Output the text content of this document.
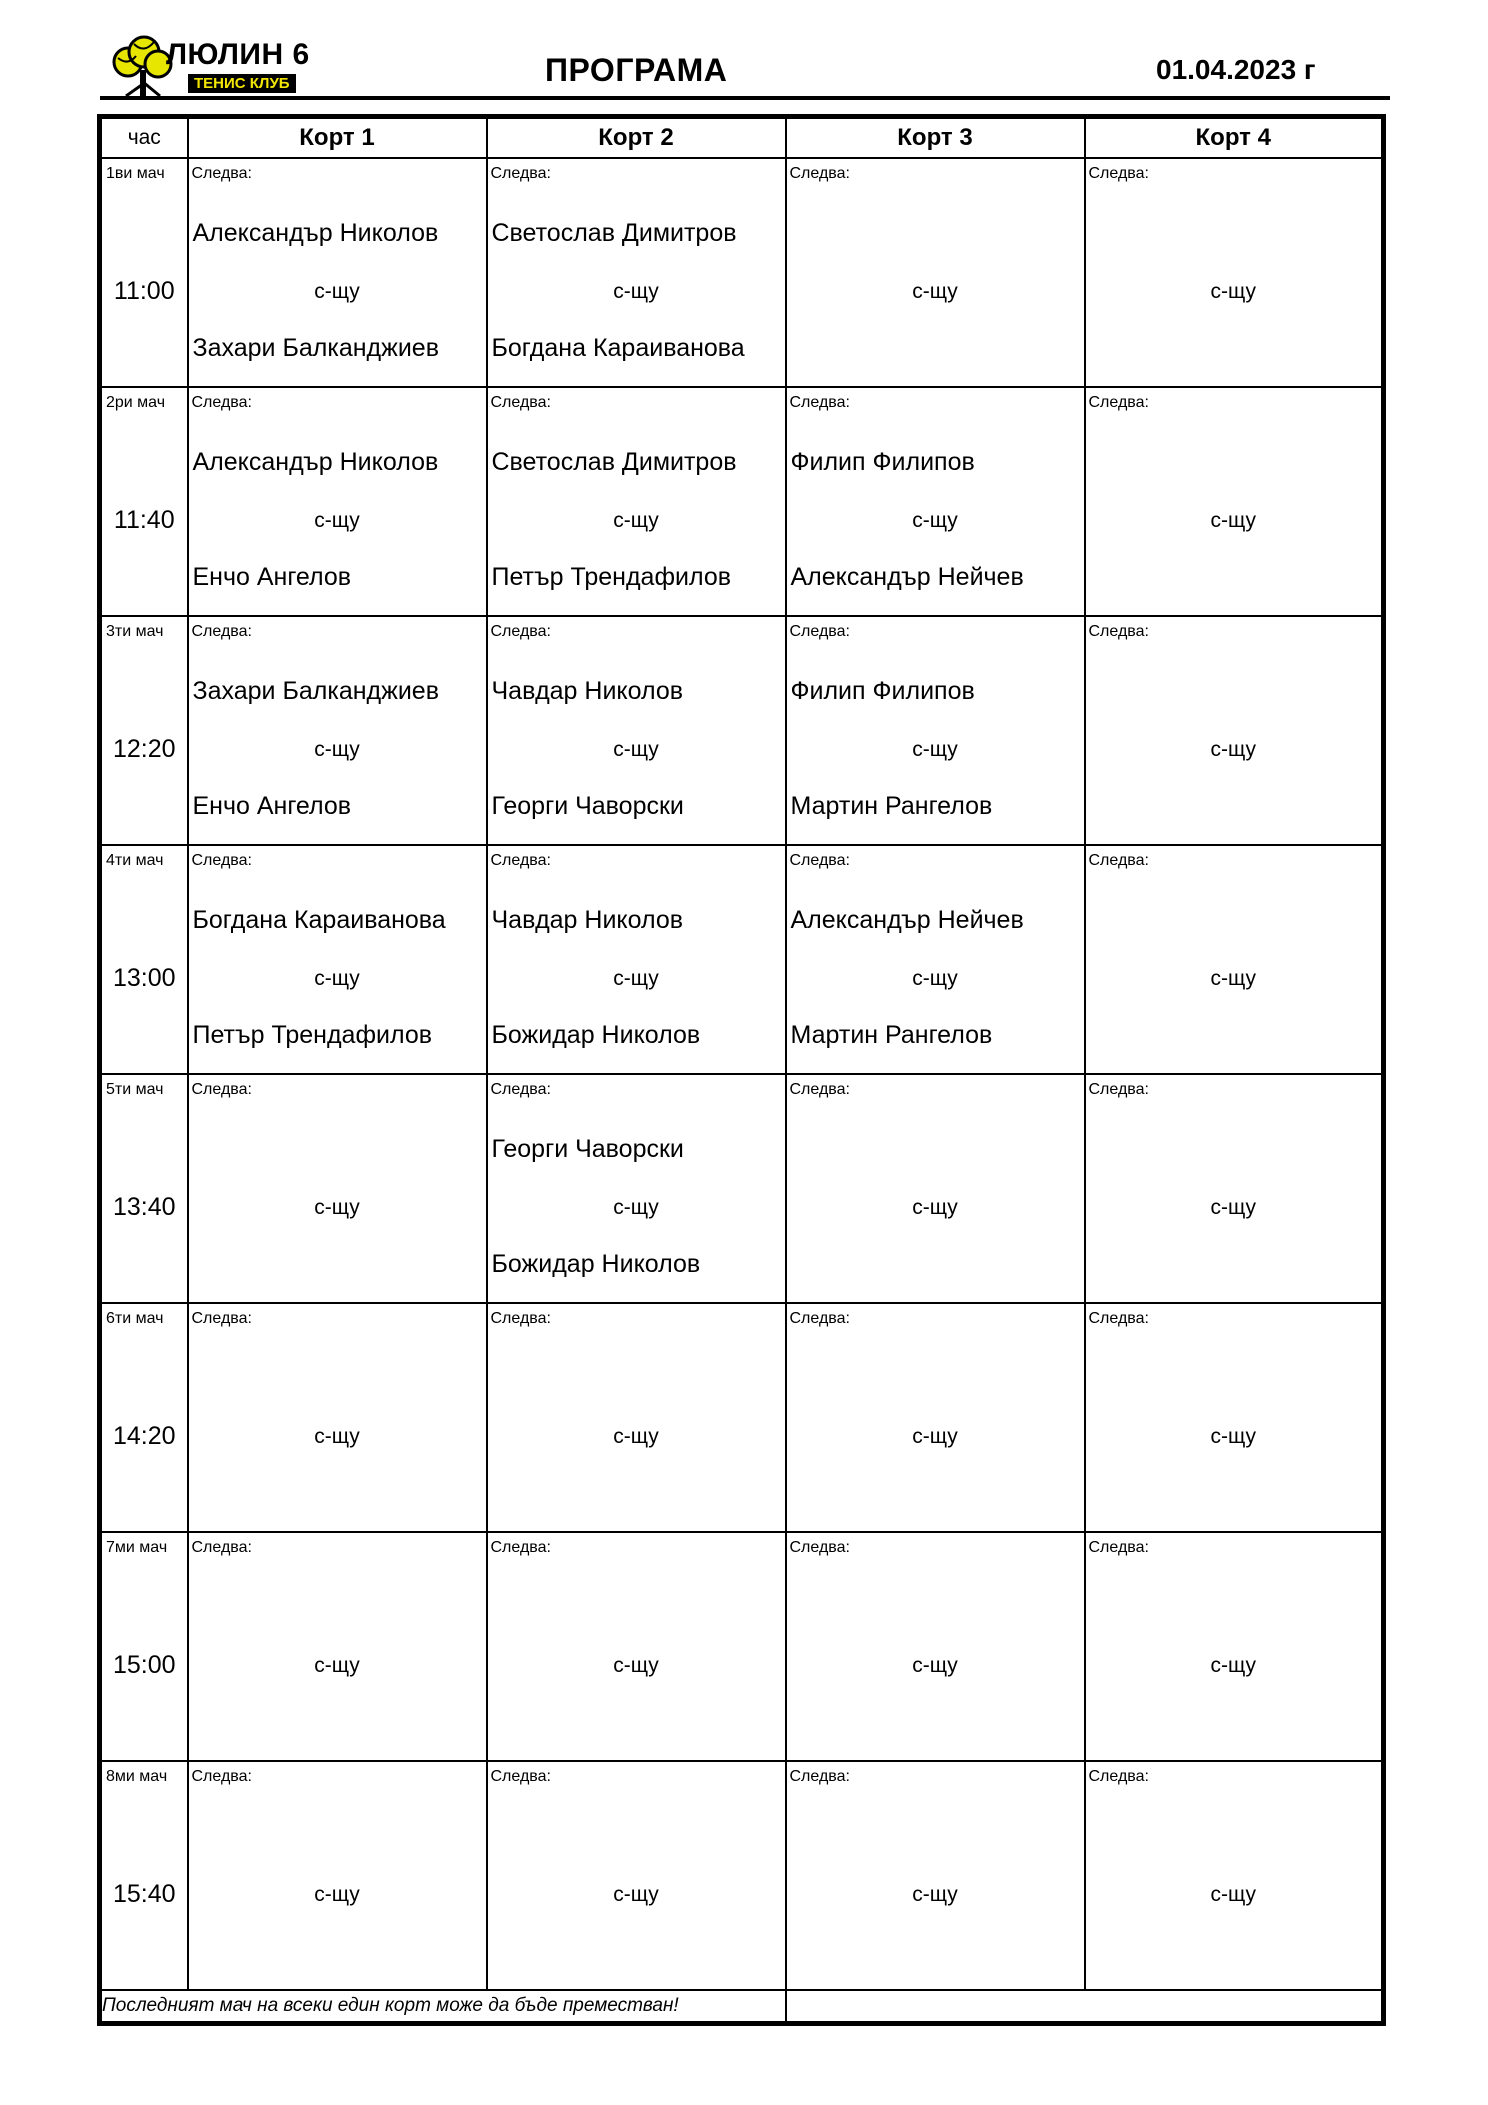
ЛЮЛИН 6
ТЕНИС КЛУБ	ПРОГРАМА	01.04.2023 г
час	Корт 1	Корт 2	Корт 3	Корт 4

1ви мач
11:00	Следва:
Александър Николов
с-щу
Захари Балканджиев	Следва:
Светослав Димитров
с-щу
Богдана Караиванова	Следва:
с-щу	Следва:
с-щу

2ри мач
11:40	Следва:
Александър Николов
с-щу
Енчо Ангелов	Следва:
Светослав Димитров
с-щу
Петър Трендафилов	Следва:
Филип Филипов
с-щу
Александър Нейчев	Следва:
с-щу

3ти мач
12:20	Следва:
Захари Балканджиев
с-щу
Енчо Ангелов	Следва:
Чавдар Николов
с-щу
Георги Чаворски	Следва:
Филип Филипов
с-щу
Мартин Рангелов	Следва:
с-щу

4ти мач
13:00	Следва:
Богдана Караиванова
с-щу
Петър Трендафилов	Следва:
Чавдар Николов
с-щу
Божидар Николов	Следва:
Александър Нейчев
с-щу
Мартин Рангелов	Следва:
с-щу

5ти мач
13:40	Следва:
с-щу	Следва:
Георги Чаворски
с-щу
Божидар Николов	Следва:
с-щу	Следва:
с-щу

6ти мач
14:20	Следва:
с-щу	Следва:
с-щу	Следва:
с-щу	Следва:
с-щу

7ми мач
15:00	Следва:
с-щу	Следва:
с-щу	Следва:
с-щу	Следва:
с-щу

8ми мач
15:40	Следва:
с-щу	Следва:
с-щу	Следва:
с-щу	Следва:
с-щу

Последният мач на всеки един корт може да бъде преместван!				
